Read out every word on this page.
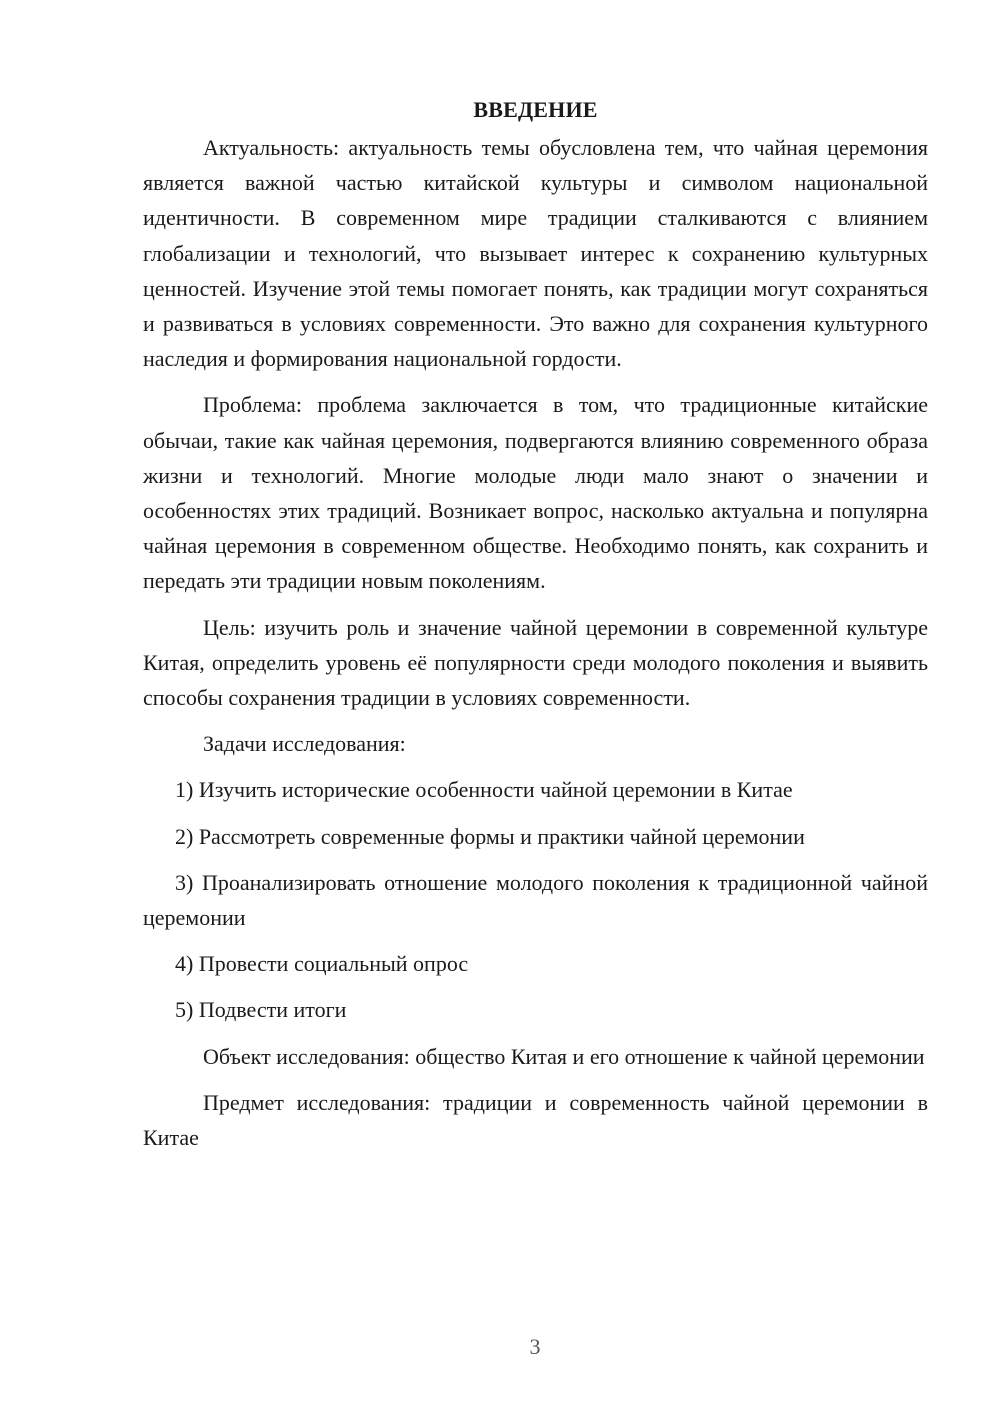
ВВЕДЕНИЕ

Актуальность: актуальность темы обусловлена тем, что чайная церемония является важной частью китайской культуры и символом национальной идентичности. В современном мире традиции сталкиваются с влиянием глобализации и технологий, что вызывает интерес к сохранению культурных ценностей. Изучение этой темы помогает понять, как традиции могут сохраняться и развиваться в условиях современности. Это важно для сохранения культурного наследия и формирования национальной гордости.

Проблема: проблема заключается в том, что традиционные китайские обычаи, такие как чайная церемония, подвергаются влиянию современного образа жизни и технологий. Многие молодые люди мало знают о значении и особенностях этих традиций. Возникает вопрос, насколько актуальна и популярна чайная церемония в современном обществе. Необходимо понять, как сохранить и передать эти традиции новым поколениям.

Цель: изучить роль и значение чайной церемонии в современной культуре Китая, определить уровень её популярности среди молодого поколения и выявить способы сохранения традиции в условиях современности.

Задачи исследования:

1) Изучить исторические особенности чайной церемонии в Китае

2) Рассмотреть современные формы и практики чайной церемонии

3) Проанализировать отношение молодого поколения к традиционной чайной церемонии

4) Провести социальный опрос

5) Подвести итоги

Объект исследования: общество Китая и его отношение к чайной церемонии

Предмет исследования: традиции и современность чайной церемонии в Китае

3
